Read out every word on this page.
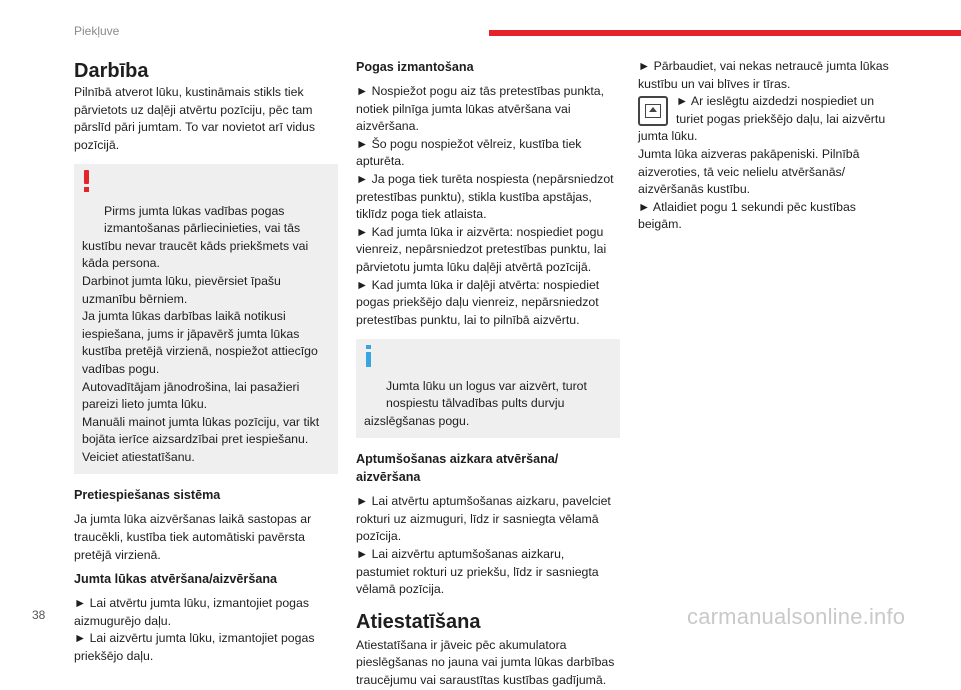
Piekļuve
Darbība
Pilnībā atverot lūku, kustināmais stikls tiek
pārvietots uz daļēji atvērtu pozīciju, pēc tam
pārslīd pāri jumtam. To var novietot arī vidus
pozīcijā.

Pirms jumta lūkas vadības pogas
izmantošanas pārliecinieties, vai tās
kustību nevar traucēt kāds priekšmets vai
kāda persona.
Darbinot jumta lūku, pievērsiet īpašu
uzmanību bērniem.
Ja jumta lūkas darbības laikā notikusi
iespiešana, jums ir jāpavērš jumta lūkas
kustība pretējā virzienā, nospiežot attiecīgo
vadības pogu.
Autovadītājam jānodrošina, lai pasažieri
pareizi lieto jumta lūku.
Manuāli mainot jumta lūkas pozīciju, var tikt
bojāta ierīce aizsardzībai pret iespiešanu.
Veiciet atiestatīšanu.

Pretiespiešanas sistēma
Ja jumta lūka aizvēršanas laikā sastopas ar
traucēkli, kustība tiek automātiski pavērsta
pretējā virzienā.
Jumta lūkas atvēršana/aizvēršana
► Lai atvērtu jumta lūku, izmantojiet pogas
aizmugurējo daļu.
► Lai aizvērtu jumta lūku, izmantojiet pogas
priekšējo daļu.
Pogas izmantošana
► Nospiežot pogu aiz tās pretestības punkta,
notiek pilnīga jumta lūkas atvēršana vai
aizvēršana.
► Šo pogu nospiežot vēlreiz, kustība tiek
apturēta.
► Ja poga tiek turēta nospiesta (nepārsniedzot
pretestības punktu), stikla kustība apstājas,
tiklīdz poga tiek atlaista.
► Kad jumta lūka ir aizvērta: nospiediet pogu
vienreiz, nepārsniedzot pretestības punktu, lai
pārvietotu jumta lūku daļēji atvērtā pozīcijā.
► Kad jumta lūka ir daļēji atvērta: nospiediet
pogas priekšējo daļu vienreiz, nepārsniedzot
pretestības punktu, lai to pilnībā aizvērtu.

Jumta lūku un logus var aizvērt, turot
nospiestu tālvadības pults durvju
aizslēgšanas pogu.

Aptumšošanas aizkara atvēršana/
aizvēršana
► Lai atvērtu aptumšošanas aizkaru, pavelciet
rokturi uz aizmuguri, līdz ir sasniegta vēlamā
pozīcija.
► Lai aizvērtu aptumšošanas aizkaru,
pastumiet rokturi uz priekšu, līdz ir sasniegta
vēlamā pozīcija.
Atiestatīšana
Atiestatīšana ir jāveic pēc akumulatora
pieslēgšanas no jauna vai jumta lūkas darbības
traucējumu vai saraustītas kustības gadījumā.
► Pārbaudiet, vai nekas netraucē jumta lūkas
kustību un vai blīves ir tīras.
► Ar ieslēgtu aizdedzi nospiediet un
turiet pogas priekšējo daļu, lai aizvērtu
jumta lūku.
Jumta lūka aizveras pakāpeniski. Pilnībā
aizveroties, tā veic nelielu atvēršanās/
aizvēršanās kustību.
► Atlaidiet pogu 1 sekundi pēc kustības
beigām.
38	carmanualsonline.info
